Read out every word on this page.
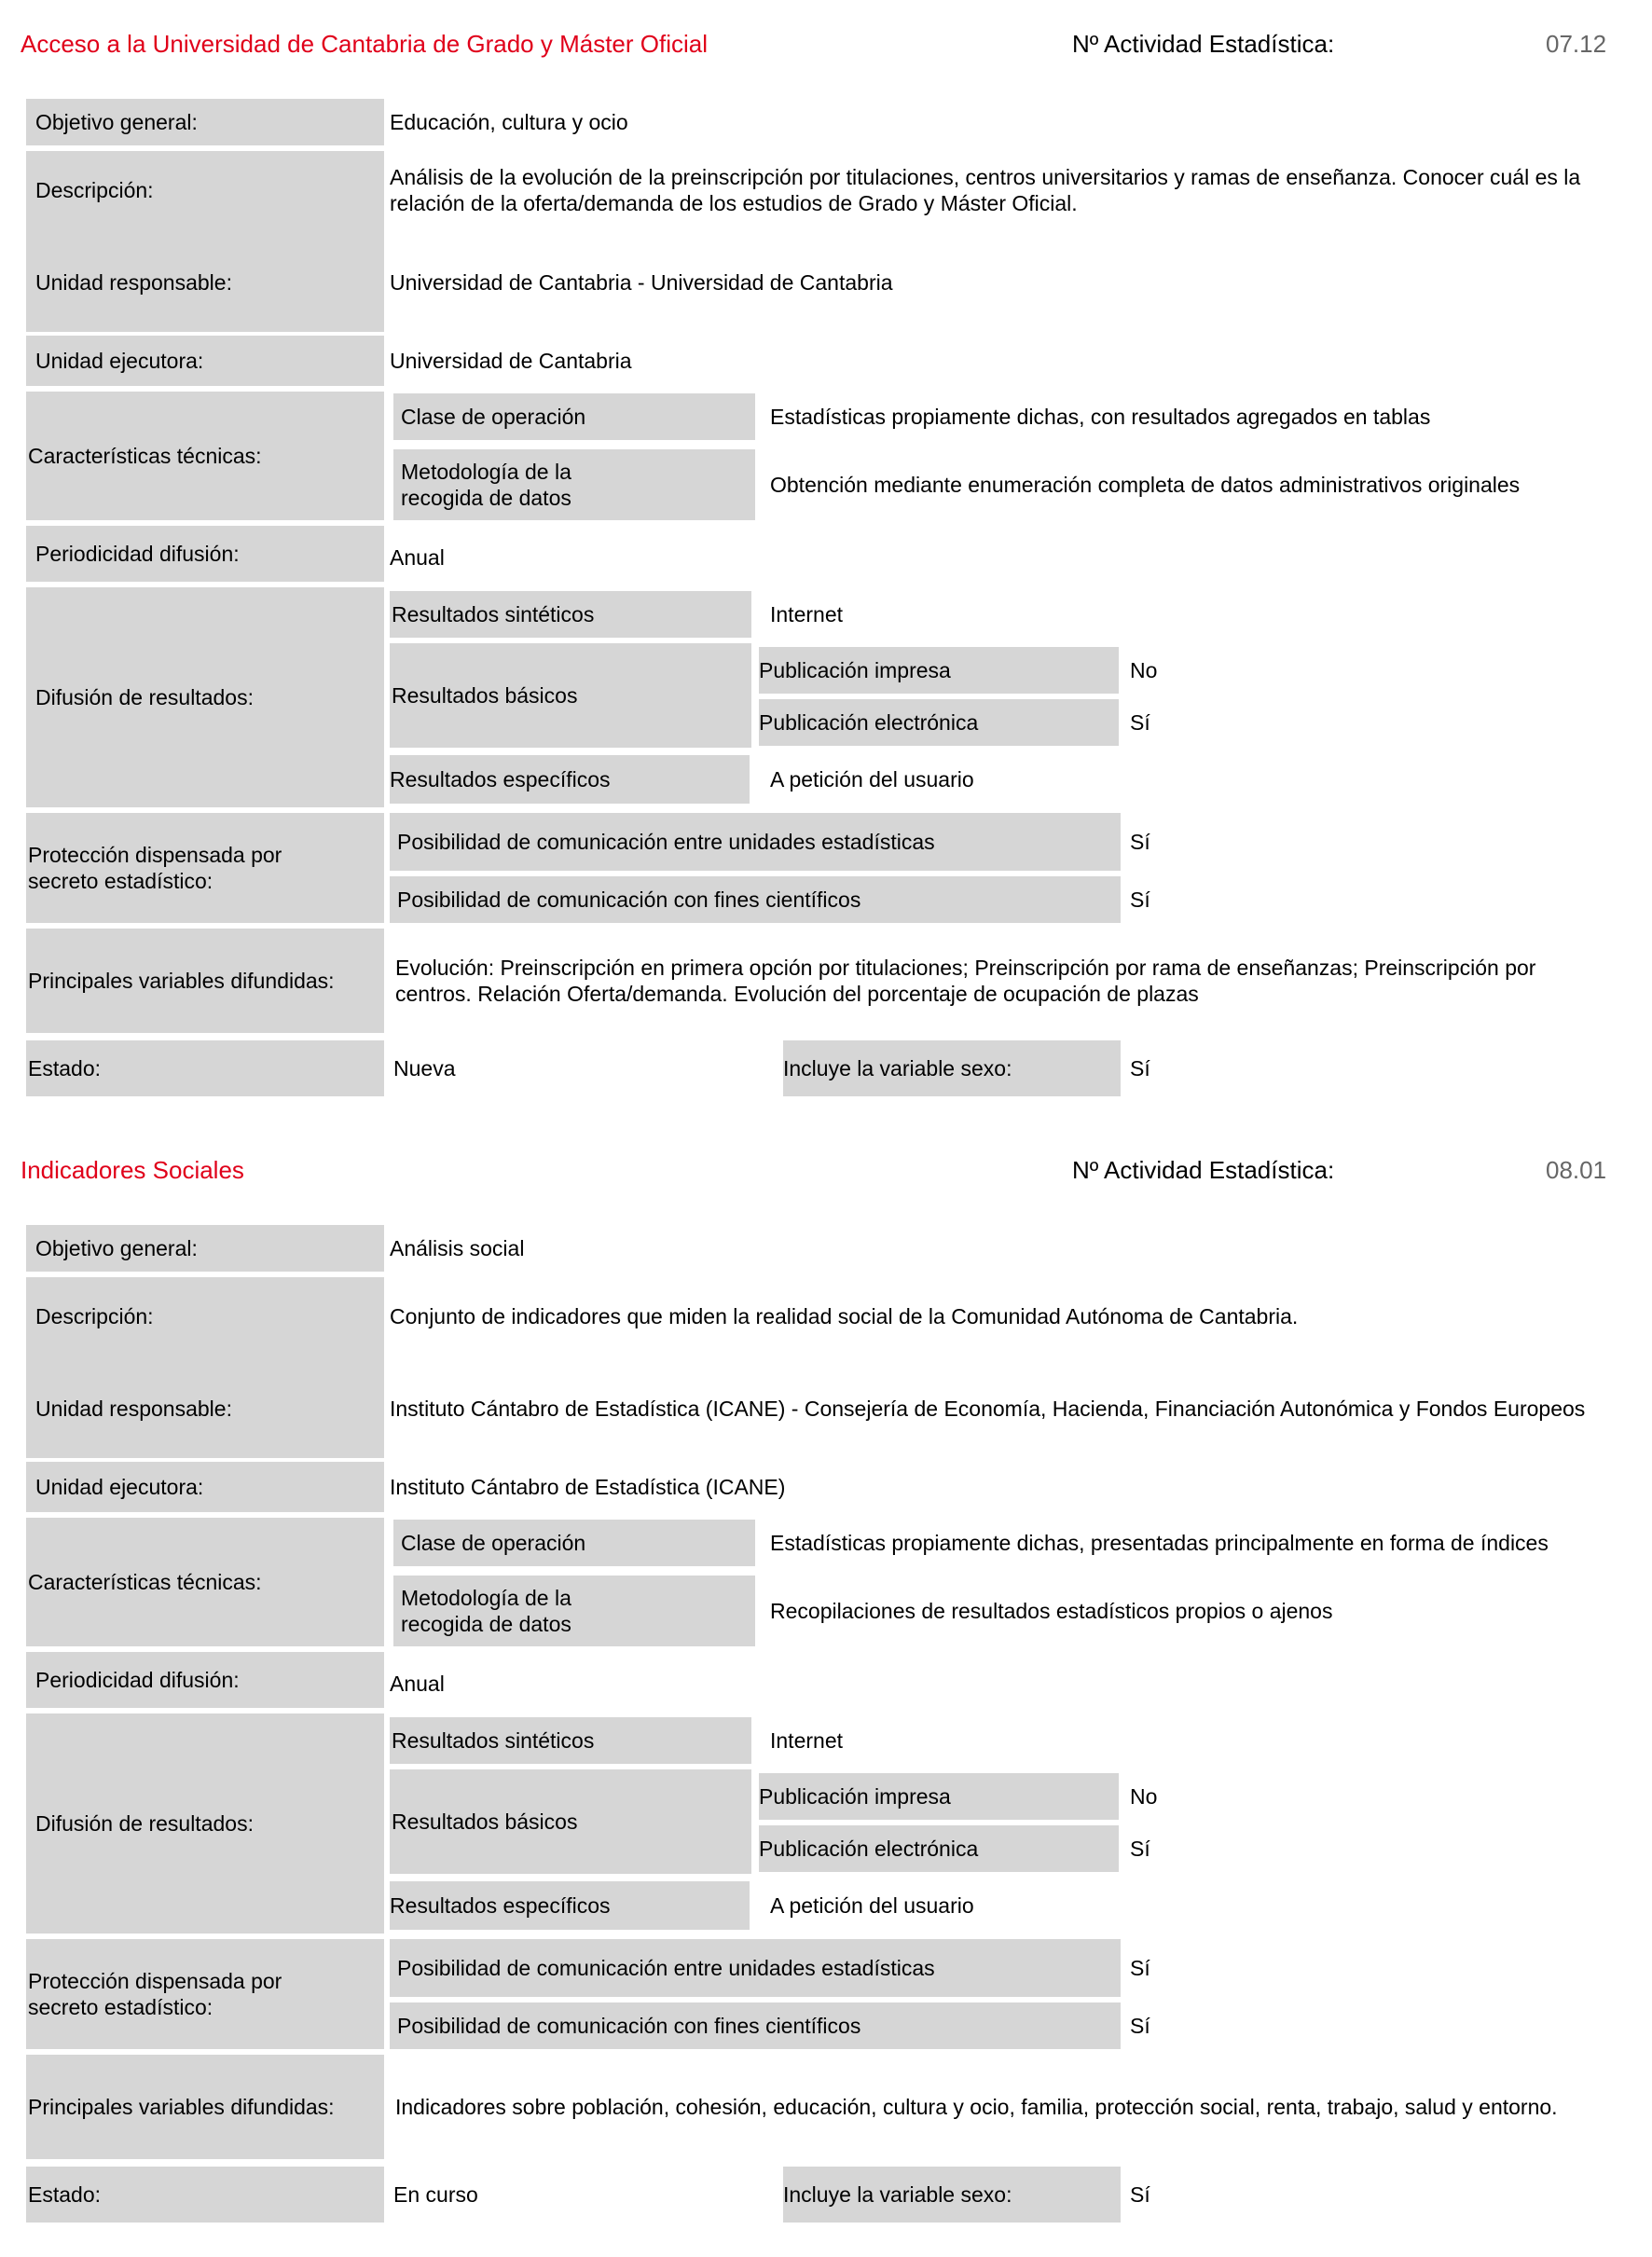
Acceso a la Universidad de Cantabria de Grado y Máster Oficial	Nº Actividad Estadística:	07.12
Objetivo general:	Educación, cultura y ocio
Descripción:
Análisis de la evolución de la preinscripción por titulaciones, centros universitarios y ramas de enseñanza. Conocer cuál es la relación de la oferta/demanda de los estudios de Grado y Máster Oficial.
Unidad responsable:	Universidad de Cantabria - Universidad de Cantabria
Unidad ejecutora:	Universidad de Cantabria
Características técnicas:
Clase de operación	Estadísticas propiamente dichas, con resultados agregados en tablas
Metodología de la
recogida de datos
Obtención mediante enumeración completa de datos administrativos originales
Periodicidad difusión:	Anual
Difusión de resultados:
Resultados sintéticos	Internet
Resultados básicos
Publicación impresa	No
Publicación electrónica	Sí
Resultados específicos	A petición del usuario
Protección dispensada por
secreto estadístico:
Posibilidad de comunicación entre unidades estadísticas	Sí
Posibilidad de comunicación con fines científicos	Sí
Principales variables difundidas:
Evolución: Preinscripción en primera opción por titulaciones; Preinscripción por rama de enseñanzas; Preinscripción por centros. Relación Oferta/demanda. Evolución del porcentaje de ocupación de plazas
Estado:	Nueva	Incluye la variable sexo:	Sí
Indicadores Sociales	Nº Actividad Estadística:	08.01
Objetivo general:	Análisis social
Descripción:	Conjunto de indicadores que miden la realidad social de la Comunidad Autónoma de Cantabria.
Unidad responsable:	Instituto Cántabro de Estadística (ICANE) - Consejería de Economía, Hacienda, Financiación Autonómica y Fondos Europeos
Unidad ejecutora:	Instituto Cántabro de Estadística (ICANE)
Características técnicas:
Clase de operación	Estadísticas propiamente dichas, presentadas principalmente en forma de índices
Metodología de la
recogida de datos
Recopilaciones de resultados estadísticos propios o ajenos
Periodicidad difusión:	Anual
Difusión de resultados:
Resultados sintéticos	Internet
Resultados básicos
Publicación impresa	No
Publicación electrónica	Sí
Resultados específicos	A petición del usuario
Protección dispensada por
secreto estadístico:
Posibilidad de comunicación entre unidades estadísticas	Sí
Posibilidad de comunicación con fines científicos	Sí
Principales variables difundidas:	Indicadores sobre población, cohesión, educación, cultura y ocio, familia, protección social, renta, trabajo, salud y entorno.
Estado:	En curso	Incluye la variable sexo:	Sí
